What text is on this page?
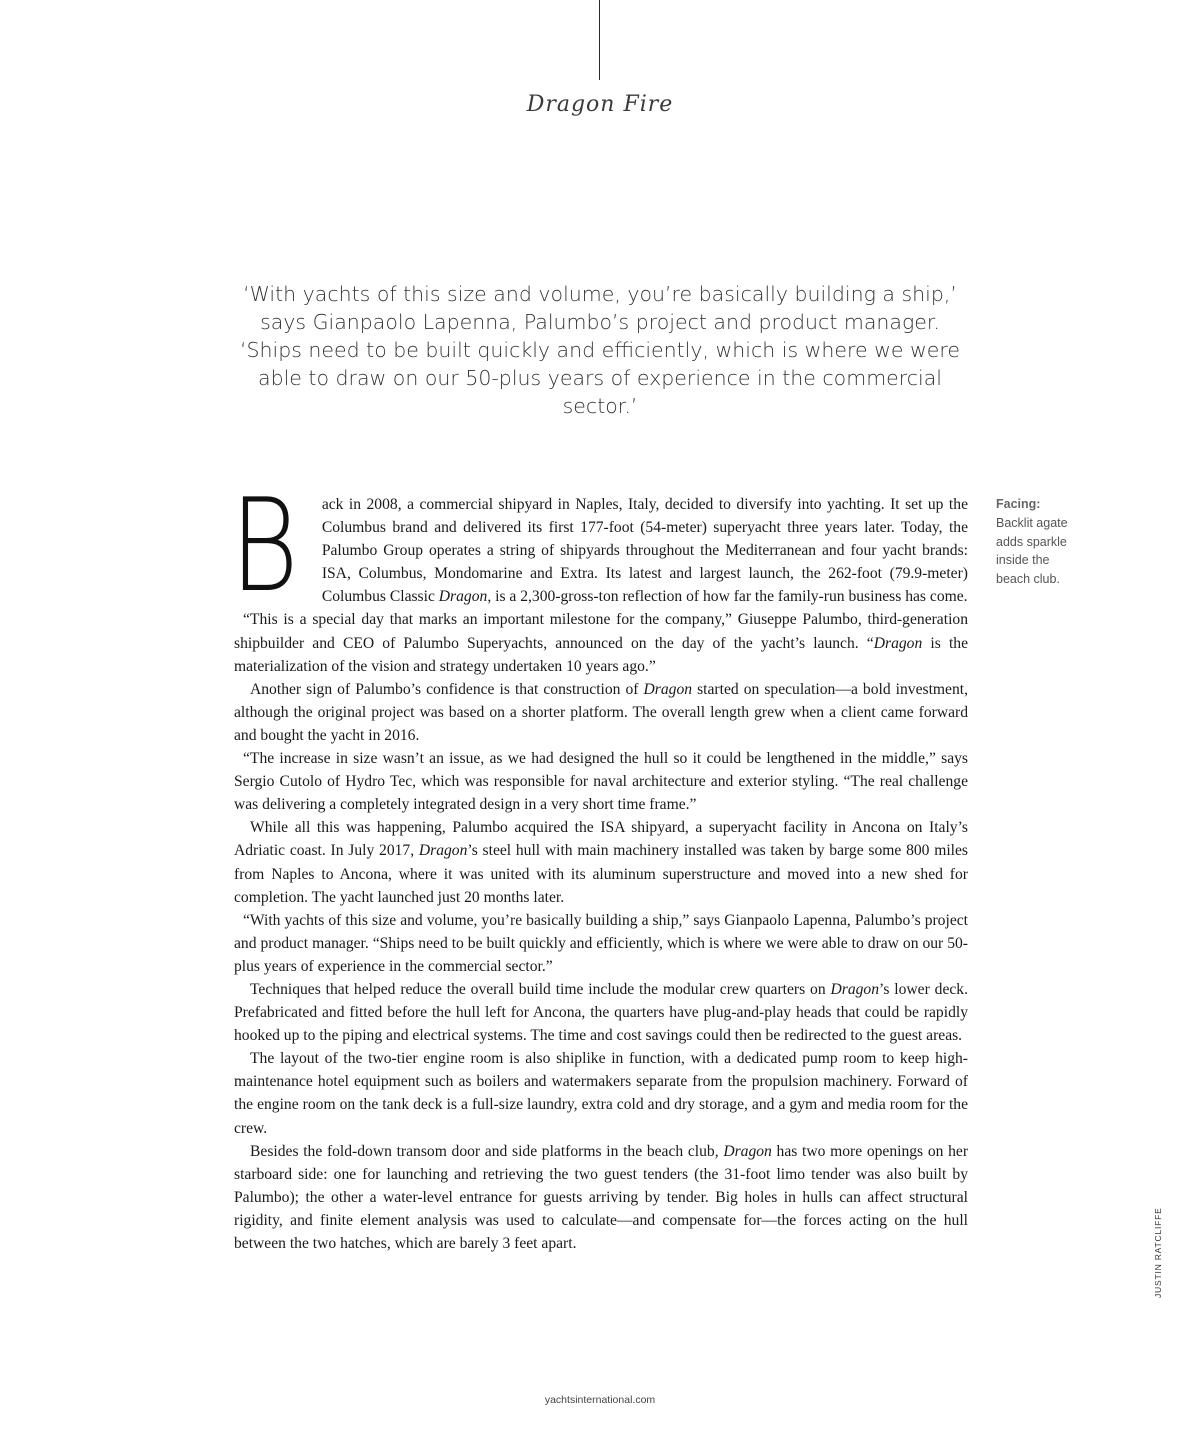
Dragon Fire
‘With yachts of this size and volume, you’re basically building a ship,’ says Gianpaolo Lapenna, Palumbo’s project and product manager. ‘Ships need to be built quickly and efficiently, which is where we were able to draw on our 50-plus years of experience in the commercial sector.’

B ack in 2008, a commercial shipyard in Naples, Italy, decided to diversify into yachting. It set up the Columbus brand and delivered its first 177-foot (54-meter) superyacht three years later. Today, the Palumbo Group operates a string of shipyards throughout the Mediterranean and four yacht brands: ISA, Columbus, Mondomarine and Extra. Its latest and largest launch, the 262-foot (79.9-meter) Columbus Classic Dragon, is a 2,300-gross-ton reflection of how far the family-run business has come.

“This is a special day that marks an important milestone for the company,” Giuseppe Palumbo, third-generation shipbuilder and CEO of Palumbo Superyachts, announced on the day of the yacht’s launch. “Dragon is the materialization of the vision and strategy undertaken 10 years ago.”

Another sign of Palumbo’s confidence is that construction of Dragon started on speculation—a bold investment, although the original project was based on a shorter platform. The overall length grew when a client came forward and bought the yacht in 2016.

“The increase in size wasn’t an issue, as we had designed the hull so it could be lengthened in the middle,” says Sergio Cutolo of Hydro Tec, which was responsible for naval architecture and exterior styling. “The real challenge was delivering a completely integrated design in a very short time frame.”

While all this was happening, Palumbo acquired the ISA shipyard, a superyacht facility in Ancona on Italy’s Adriatic coast. In July 2017, Dragon’s steel hull with main machinery installed was taken by barge some 800 miles from Naples to Ancona, where it was united with its aluminum superstructure and moved into a new shed for completion. The yacht launched just 20 months later.

“With yachts of this size and volume, you’re basically building a ship,” says Gianpaolo Lapenna, Palumbo’s project and product manager. “Ships need to be built quickly and efficiently, which is where we were able to draw on our 50-plus years of experience in the commercial sector.”

Techniques that helped reduce the overall build time include the modular crew quarters on Dragon’s lower deck. Prefabricated and fitted before the hull left for Ancona, the quarters have plug-and-play heads that could be rapidly hooked up to the piping and electrical systems. The time and cost savings could then be redirected to the guest areas.

The layout of the two-tier engine room is also shiplike in function, with a dedicated pump room to keep high-maintenance hotel equipment such as boilers and watermakers separate from the propulsion machinery. Forward of the engine room on the tank deck is a full-size laundry, extra cold and dry storage, and a gym and media room for the crew.

Besides the fold-down transom door and side platforms in the beach club, Dragon has two more openings on her starboard side: one for launching and retrieving the two guest tenders (the 31-foot limo tender was also built by Palumbo); the other a water-level entrance for guests arriving by tender. Big holes in hulls can affect structural rigidity, and finite element analysis was used to calculate—and compensate for—the forces acting on the hull between the two hatches, which are barely 3 feet apart.

Facing:
Backlit agate adds sparkle inside the beach club.
JUSTIN RATCLIFFE
yachtsinternational.com
